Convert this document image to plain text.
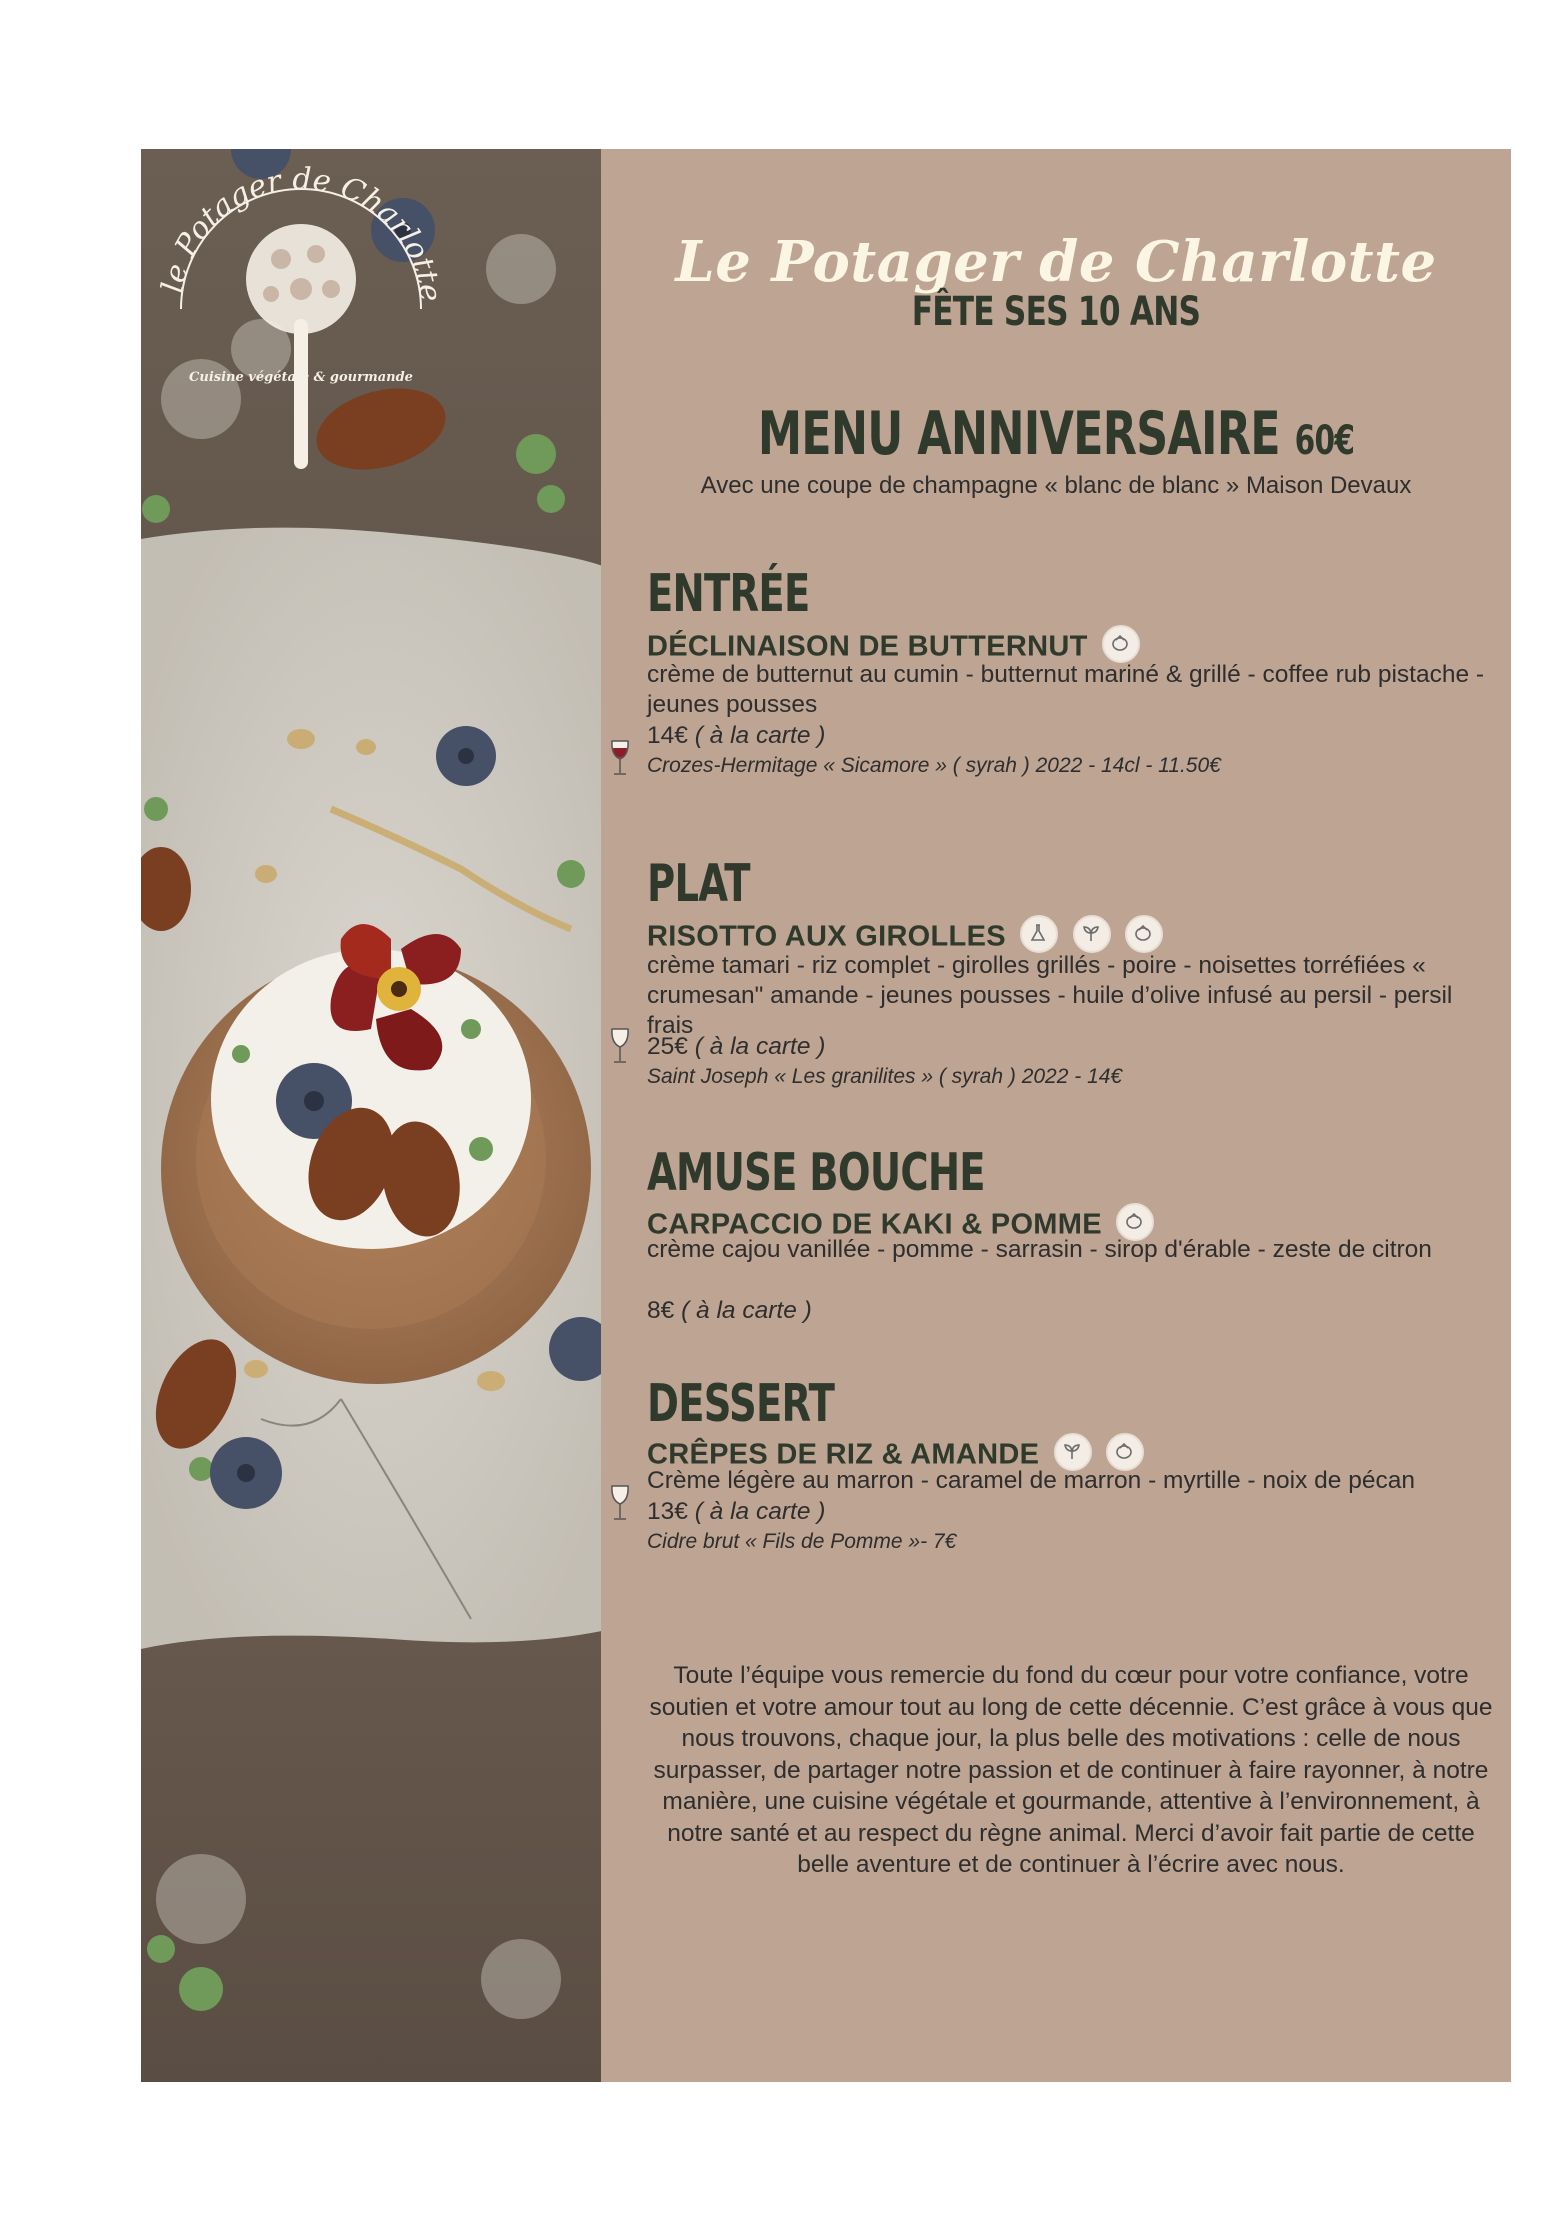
le Potager de Charlotte
Cuisine végétale & gourmande
Le Potager de Charlotte
FÊTE SES 10 ANS
MENU ANNIVERSAIRE 60€
Avec une coupe de champagne « blanc de blanc » Maison Devaux
ENTRÉE
DÉCLINAISON DE BUTTERNUT
crème de butternut au cumin - butternut mariné & grillé - coffee rub pistache - jeunes pousses
14€ ( à la carte )
Crozes-Hermitage « Sicamore » ( syrah ) 2022 - 14cl - 11.50€
PLAT
RISOTTO AUX GIROLLES

crème tamari - riz complet - girolles grillés - poire - noisettes torréfiées « crumesan" amande - jeunes pousses - huile d’olive infusé au persil - persil frais
25€ ( à la carte )
Saint Joseph « Les granilites » ( syrah ) 2022 - 14€
AMUSE BOUCHE
CARPACCIO DE KAKI & POMME
crème cajou vanillée - pomme - sarrasin - sirop d'érable - zeste de citron
8€ ( à la carte )
DESSERT
CRÊPES DE RIZ & AMANDE

Crème légère au marron - caramel de marron - myrtille - noix de pécan
13€ ( à la carte )
Cidre brut « Fils de Pomme »- 7€
Toute l’équipe vous remercie du fond du cœur pour votre confiance, votre soutien et votre amour tout au long de cette décennie. C’est grâce à vous que nous trouvons, chaque jour, la plus belle des motivations : celle de nous surpasser, de partager notre passion et de continuer à faire rayonner, à notre manière, une cuisine végétale et gourmande, attentive à l’environnement, à notre santé et au respect du règne animal. Merci d’avoir fait partie de cette belle aventure et de continuer à l’écrire avec nous.
